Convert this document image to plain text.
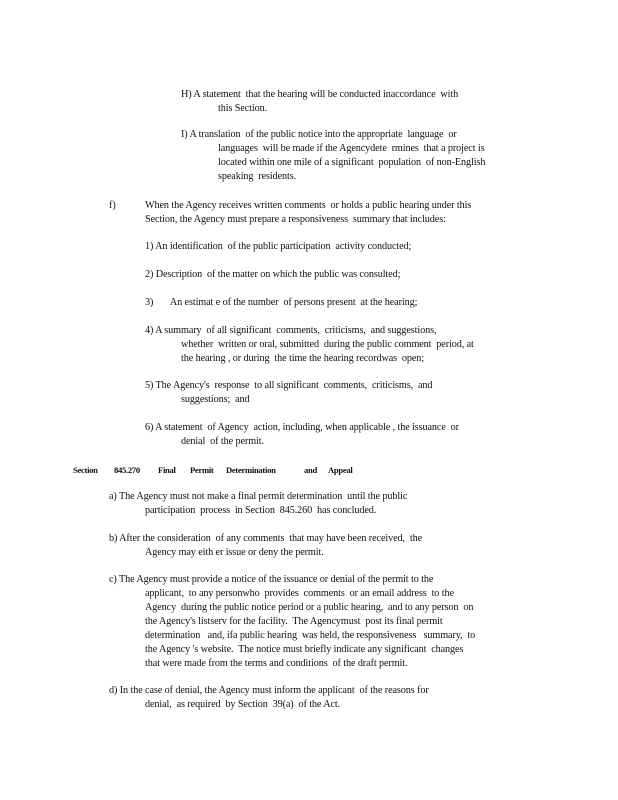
H) A statement  that the hearing will be conducted inaccordance  with
this Section.
I) A translation  of the public notice into the appropriate  language  or
languages  will be made if the Agencydete  rmines  that a project is
located within one mile of a significant  population  of non-English
speaking  residents.
f)	When the Agency receives written comments  or holds a public hearing under this
Section, the Agency must prepare a responsiveness  summary that includes:
1) An identification  of the public participation  activity conducted;
2) Description  of the matter on which the public was consulted;
3)       An estimat e of the number  of persons present  at the hearing;
4) A summary  of all significant  comments,  criticisms,  and suggestions,
whether  written or oral, submitted  during the public comment  period, at
the hearing , or during  the time the hearing recordwas  open;
5) The Agency's  response  to all significant  comments,  criticisms,  and
suggestions;  and
6) A statement  of Agency  action, including, when applicable , the issuance  or
denial  of the permit.
Section 845.270 Final Permit Determination	and Appeal
a) The Agency must not make a final permit determination  until the public
participation  process  in Section  845.260  has concluded.
b) After the consideration  of any comments  that may have been received,  the
Agency may eith er issue or deny the permit.
c) The Agency must provide a notice of the issuance or denial of the permit to the
applicant,  to any personwho  provides  comments  or an email address  to the
Agency  during the public notice period or a public hearing,  and to any person  on
the Agency's listserv for the facility.  The Agencymust  post its final permit
determination   and, ifa public hearing  was held, the responsiveness   summary,  to
the Agency 's website.  The notice must briefly indicate any significant  changes
that were made from the terms and conditions  of the draft permit.
d) In the case of denial, the Agency must inform the applicant  of the reasons for
denial,  as required  by Section  39(a)  of the Act.
